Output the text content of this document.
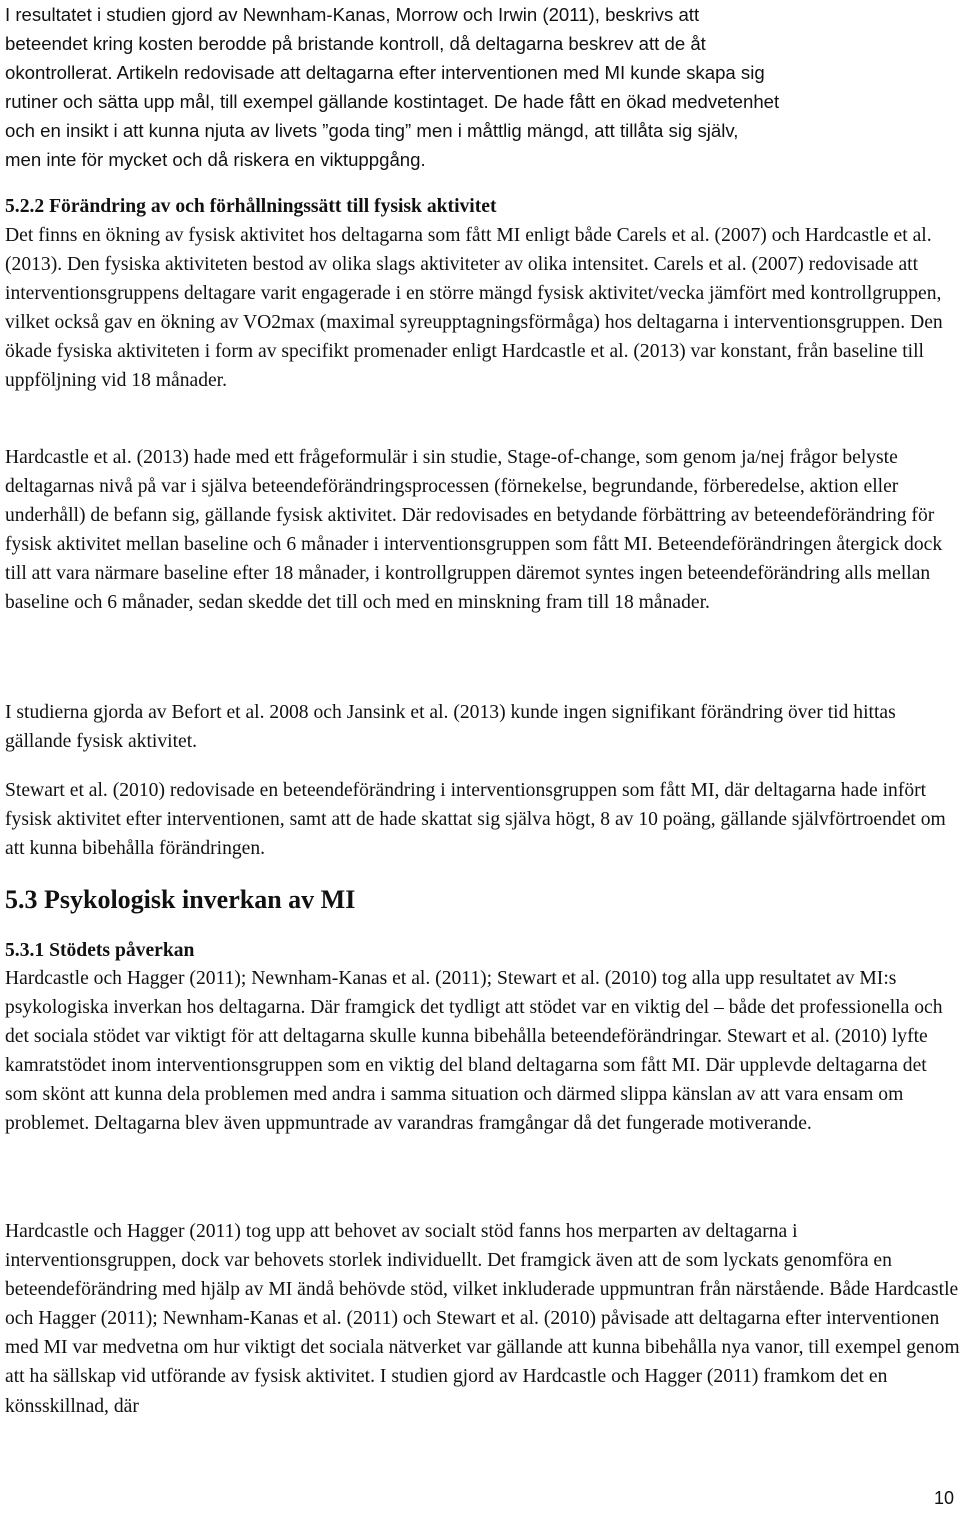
I resultatet i studien gjord av Newnham-Kanas, Morrow och Irwin (2011), beskrivs att

beteendet kring kosten berodde på bristande kontroll, då deltagarna beskrev att de åt

okontrollerat. Artikeln redovisade att deltagarna efter interventionen med MI kunde skapa sig

rutiner och sätta upp mål, till exempel gällande kostintaget. De hade fått en ökad medvetenhet

och en insikt i att kunna njuta av livets ”goda ting” men i måttlig mängd, att tillåta sig själv,

men inte för mycket och då riskera en viktuppgång.

5.2.2 Förändring av och förhållningssätt till fysisk aktivitet

Det finns en ökning av fysisk aktivitet hos deltagarna som fått MI enligt både Carels et al. (2007) och Hardcastle et al. (2013). Den fysiska aktiviteten bestod av olika slags aktiviteter av olika intensitet. Carels et al. (2007) redovisade att interventionsgruppens deltagare varit engagerade i en större mängd fysisk aktivitet/vecka jämfört med kontrollgruppen, vilket också gav en ökning av VO2max (maximal syreupptagningsförmåga) hos deltagarna i interventionsgruppen. Den ökade fysiska aktiviteten i form av specifikt promenader enligt Hardcastle et al. (2013) var konstant, från baseline till uppföljning vid 18 månader.

Hardcastle et al. (2013) hade med ett frågeformulär i sin studie, Stage-of-change, som genom ja/nej frågor belyste deltagarnas nivå på var i själva beteendeförändringsprocessen (förnekelse, begrundande, förberedelse, aktion eller underhåll) de befann sig, gällande fysisk aktivitet. Där redovisades en betydande förbättring av beteendeförändring för fysisk aktivitet mellan baseline och 6 månader i interventionsgruppen som fått MI. Beteendeförändringen återgick dock till att vara närmare baseline efter 18 månader, i kontrollgruppen däremot syntes ingen beteendeförändring alls mellan baseline och 6 månader, sedan skedde det till och med en minskning fram till 18 månader.

I studierna gjorda av Befort et al. 2008 och Jansink et al. (2013) kunde ingen signifikant förändring över tid hittas gällande fysisk aktivitet.

Stewart et al. (2010) redovisade en beteendeförändring i interventionsgruppen som fått MI, där deltagarna hade infört fysisk aktivitet efter interventionen, samt att de hade skattat sig själva högt, 8 av 10 poäng, gällande självförtroendet om att kunna bibehålla förändringen.

5.3 Psykologisk inverkan av MI
5.3.1 Stödets påverkan

Hardcastle och Hagger (2011); Newnham-Kanas et al. (2011); Stewart et al. (2010) tog alla upp resultatet av MI:s psykologiska inverkan hos deltagarna. Där framgick det tydligt att stödet var en viktig del – både det professionella och det sociala stödet var viktigt för att deltagarna skulle kunna bibehålla beteendeförändringar. Stewart et al. (2010) lyfte kamratstödet inom interventionsgruppen som en viktig del bland deltagarna som fått MI. Där upplevde deltagarna det som skönt att kunna dela problemen med andra i samma situation och därmed slippa känslan av att vara ensam om problemet. Deltagarna blev även uppmuntrade av varandras framgångar då det fungerade motiverande.

Hardcastle och Hagger (2011) tog upp att behovet av socialt stöd fanns hos merparten av deltagarna i interventionsgruppen, dock var behovets storlek individuellt. Det framgick även att de som lyckats genomföra en beteendeförändring med hjälp av MI ändå behövde stöd, vilket inkluderade uppmuntran från närstående. Både Hardcastle och Hagger (2011); Newnham-Kanas et al. (2011) och Stewart et al. (2010) påvisade att deltagarna efter interventionen med MI var medvetna om hur viktigt det sociala nätverket var gällande att kunna bibehålla nya vanor, till exempel genom att ha sällskap vid utförande av fysisk aktivitet. I studien gjord av Hardcastle och Hagger (2011) framkom det en könsskillnad, där

10
